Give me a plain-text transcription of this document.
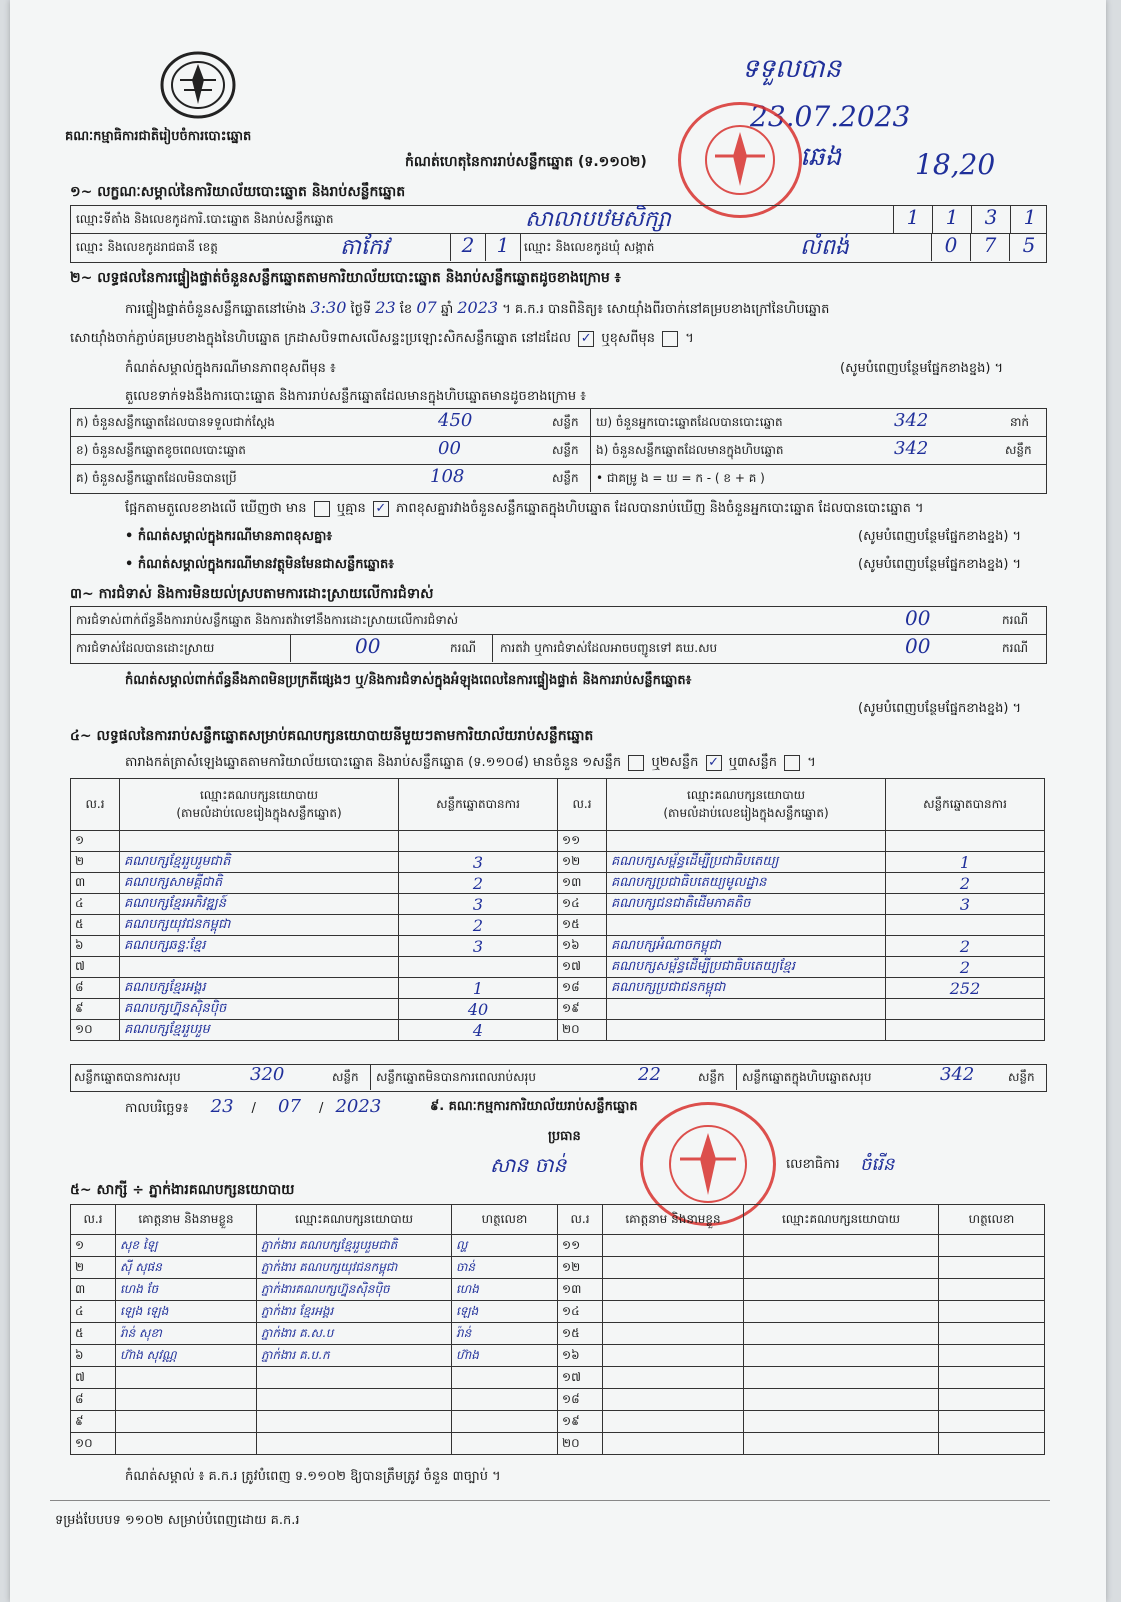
គណៈកម្មាធិការជាតិរៀបចំការបោះឆ្នោត
ទទួលបាន
23.07.2023
18,20
ឆេង
កំណត់ហេតុនៃការរាប់សន្លឹកឆ្នោត (ទ.១១០២)
១~ លក្ខណៈសម្គាល់នៃការិយាល័យបោះឆ្នោត និងរាប់សន្លឹកឆ្នោត
ឈ្មោះទីតាំង និងលេខកូដការិ.បោះឆ្នោត និងរាប់សន្លឹកឆ្នោត	សាលាបឋមសិក្សា	1	1	3	1
ឈ្មោះ និងលេខកូដរាជធានី ខេត្ត	តាកែវ	2	1	ឈ្មោះ និងលេខកូដឃុំ សង្កាត់	លំពង់	0	7	5
២~ លទ្ធផលនៃការផ្ទៀងផ្ទាត់ចំនួនសន្លឹកឆ្នោតតាមការិយាល័យបោះឆ្នោត និងរាប់សន្លឹកឆ្នោតដូចខាងក្រោម ៖
ការផ្ទៀងផ្ទាត់ចំនួនសន្លឹកឆ្នោតនៅម៉ោង 3:30 ថ្ងៃទី 23 ខែ 07 ឆ្នាំ 2023 ។ គ.ក.រ បានពិនិត្យ៖ សោយ៉ាំងពីរចាក់នៅគម្របខាងក្រៅនៃហិបឆ្នោត
សោយ៉ាំងចាក់ភ្ជាប់គម្របខាងក្នុងនៃហិបឆ្នោត ក្រដាសបិទពាសលើសន្ទះប្រឡោះសិកសន្លឹកឆ្នោត នៅដដែល ✓ ឬខុសពីមុន ។
កំណត់សម្គាល់ក្នុងករណីមានភាពខុសពីមុន ៖	(សូមបំពេញបន្ថែមផ្នែកខាងខ្នង) ។
តួលេខទាក់ទងនឹងការបោះឆ្នោត និងការរាប់សន្លឹកឆ្នោតដែលមានក្នុងហិបឆ្នោតមានដូចខាងក្រោម ៖
ក) ចំនួនសន្លឹកឆ្នោតដែលបានទទួលជាក់ស្តែង	450	សន្លឹក
ខ) ចំនួនសន្លឹកឆ្នោតខូចពេលបោះឆ្នោត	00	សន្លឹក
គ) ចំនួនសន្លឹកឆ្នោតដែលមិនបានប្រើ	108	សន្លឹក
ឃ) ចំនួនអ្នកបោះឆ្នោតដែលបានបោះឆ្នោត	342	នាក់
ង) ចំនួនសន្លឹកឆ្នោតដែលមានក្នុងហិបឆ្នោត	342	សន្លឹក
• ជាគម្រូ ង = ឃ = ក - ( ខ + គ )
ផ្អែកតាមតួលេខខាងលើ ឃើញថា មាន ឬគ្មាន ✓ ភាពខុសគ្នារវាងចំនួនសន្លឹកឆ្នោតក្នុងហិបឆ្នោត ដែលបានរាប់ឃើញ និងចំនួនអ្នកបោះឆ្នោត ដែលបានបោះឆ្នោត ។
• កំណត់សម្គាល់ក្នុងករណីមានភាពខុសគ្នា៖	(សូមបំពេញបន្ថែមផ្នែកខាងខ្នង) ។
• កំណត់សម្គាល់ក្នុងករណីមានវត្ថុមិនមែនជាសន្លឹកឆ្នោត៖	(សូមបំពេញបន្ថែមផ្នែកខាងខ្នង) ។
៣~ ការជំទាស់ និងការមិនយល់ស្របតាមការដោះស្រាយលើការជំទាស់
ការជំទាស់ពាក់ព័ន្ធនឹងការរាប់សន្លឹកឆ្នោត និងការតវ៉ាទៅនឹងការដោះស្រាយលើការជំទាស់	00	ករណី
ការជំទាស់ដែលបានដោះស្រាយ	00	ករណី ការតវ៉ា ឬការជំទាស់ដែលអាចបញ្ជូនទៅ គឃ.សប	00	ករណី
កំណត់សម្គាល់ពាក់ព័ន្ធនឹងភាពមិនប្រក្រតីផ្សេងៗ ឬ/និងការជំទាស់ក្នុងអំឡុងពេលនៃការផ្ទៀងផ្ទាត់ និងការរាប់សន្លឹកឆ្នោត៖
(សូមបំពេញបន្ថែមផ្នែកខាងខ្នង) ។
៤~ លទ្ធផលនៃការរាប់សន្លឹកឆ្នោតសម្រាប់គណបក្សនយោបាយនីមួយៗតាមការិយាល័យរាប់សន្លឹកឆ្នោត
តារាងកត់ត្រាសំឡេងឆ្នោតតាមការិយាល័យបោះឆ្នោត និងរាប់សន្លឹកឆ្នោត (ទ.១១០៨) មានចំនួន ១សន្លឹក ឬ២សន្លឹក ✓ ឬ៣សន្លឹក ។
ល.រ	ឈ្មោះគណបក្សនយោបាយ
(តាមលំដាប់លេខរៀងក្នុងសន្លឹកឆ្នោត)	សន្លឹកឆ្នោតបានការ
១		
២	គណបក្សខ្មែររួបរួមជាតិ	3
៣	គណបក្សសាមគ្គីជាតិ	2
៤	គណបក្សខ្មែរអភិវឌ្ឍន៍	3
៥	គណបក្សយុវជនកម្ពុជា	2
៦	គណបក្សឆន្ទៈខ្មែរ	3
៧		
៨	គណបក្សខ្មែរអង្គរ	1
៩	គណបក្សហ្វ៊ុនស៊ិនប៉ិច	40
១០	គណបក្សខ្មែររួបរួម	4
ល.រ	ឈ្មោះគណបក្សនយោបាយ
(តាមលំដាប់លេខរៀងក្នុងសន្លឹកឆ្នោត)	សន្លឹកឆ្នោតបានការ
១១		
១២	គណបក្សសម្ព័ន្ធដើម្បីប្រជាធិបតេយ្យ	1
១៣	គណបក្សប្រជាធិបតេយ្យមូលដ្ឋាន	2
១៤	គណបក្សជនជាតិដើមភាគតិច	3
១៥		
១៦	គណបក្សអំណាចកម្ពុជា	2
១៧	គណបក្សសម្ព័ន្ធដើម្បីប្រជាធិបតេយ្យខ្មែរ	2
១៨	គណបក្សប្រជាជនកម្ពុជា	252
១៩		
២០		
សន្លឹកឆ្នោតបានការសរុប	320	សន្លឹក សន្លឹកឆ្នោតមិនបានការពេលរាប់សរុប	22	សន្លឹក សន្លឹកឆ្នោតក្នុងហិបឆ្នោតសរុប	342	សន្លឹក
កាលបរិច្ឆេទ៖ 23 / 07 / 2023	៩. គណៈកម្មការការិយាល័យរាប់សន្លឹកឆ្នោត
ប្រធាន
សាន ចាន់	លេខាធិការ ចំរើន
៥~ សាក្សី ÷ ភ្នាក់ងារគណបក្សនយោបាយ
ល.រ	គោត្តនាម និងនាមខ្លួន	ឈ្មោះគណបក្សនយោបាយ	ហត្ថលេខា
១	សុខ ឡៃ	ភ្នាក់ងារ គណបក្សខ្មែររួបរួមជាតិ	ល្ហ
២	ស៊ី សុផន	ភ្នាក់ងារ គណបក្សយុវជនកម្ពុជា	ចាន់
៣	ហេង ចែ	ភ្នាក់ងារគណបក្សហ្វ៊ុនស៊ិនប៉ិច	ហេង
៤	ឡេង ឡេង	ភ្នាក់ងារ ខ្មែរអង្គរ	ឡេង
៥	រ៉ាន់ សុខា	ភ្នាក់ងារ គ.ស.ប	រ៉ាន់
៦	ហ៊ាង សុវណ្ណ	ភ្នាក់ងារ គ.ប.ក	ហ៊ាង
៧			
៨			
៩			
១០			
ល.រ	គោត្តនាម និងនាមខ្លួន	ឈ្មោះគណបក្សនយោបាយ	ហត្ថលេខា
១១			
១២			
១៣			
១៤			
១៥			
១៦			
១៧			
១៨			
១៩			
២០			
កំណត់សម្គាល់ ៖ គ.ក.រ ត្រូវបំពេញ ទ.១១០២ ឱ្យបានត្រឹមត្រូវ ចំនួន ៣ច្បាប់ ។
ទម្រង់បែបបទ ១១០២ សម្រាប់បំពេញដោយ គ.ក.រ
